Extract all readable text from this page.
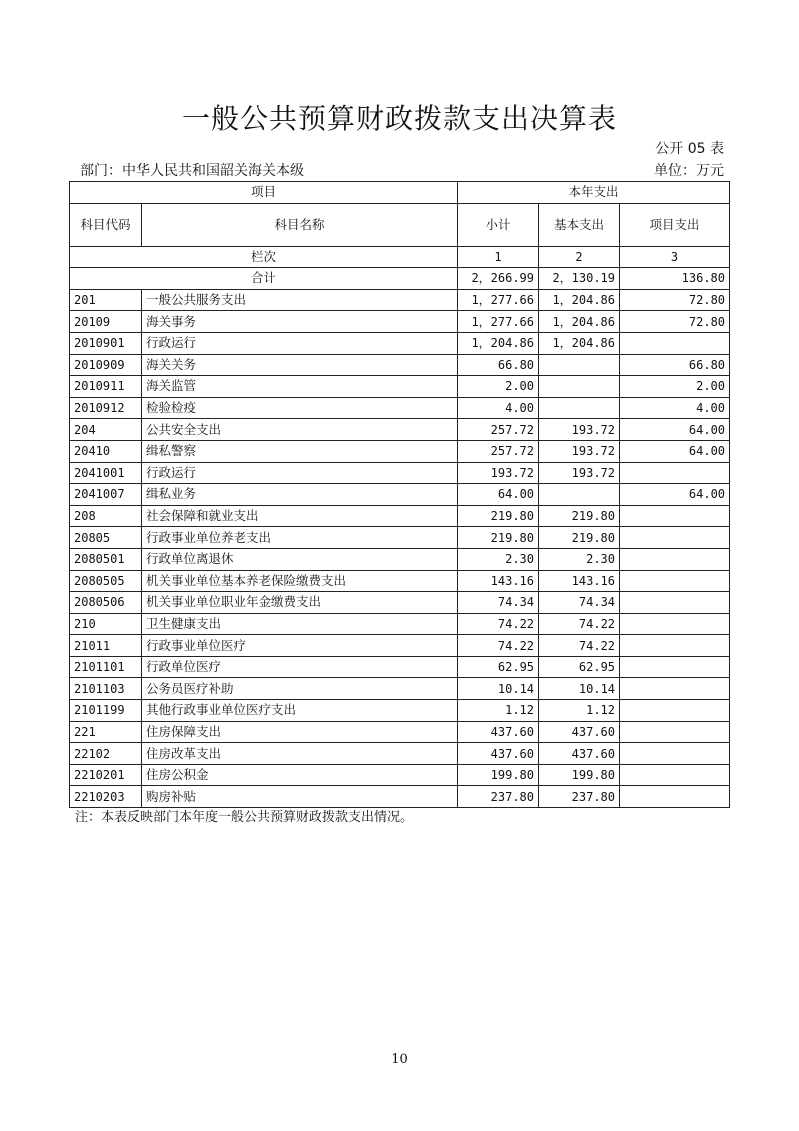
一般公共预算财政拨款支出决算表
公开 05 表
部门：中华人民共和国韶关海关本级	单位：万元
项目		本年支出		
科目代码	科目名称	小计	基本支出	项目支出
栏次		1	2	3
合计		2，266.99	2，130.19	136.80
201	一般公共服务支出	1，277.66	1，204.86	72.80
20109	海关事务	1，277.66	1，204.86	72.80
2010901	行政运行	1，204.86	1，204.86	
2010909	海关关务	66.80		66.80
2010911	海关监管	2.00		2.00
2010912	检验检疫	4.00		4.00
204	公共安全支出	257.72	193.72	64.00
20410	缉私警察	257.72	193.72	64.00
2041001	行政运行	193.72	193.72	
2041007	缉私业务	64.00		64.00
208	社会保障和就业支出	219.80	219.80	
20805	行政事业单位养老支出	219.80	219.80	
2080501	行政单位离退休	2.30	2.30	
2080505	机关事业单位基本养老保险缴费支出	143.16	143.16	
2080506	机关事业单位职业年金缴费支出	74.34	74.34	
210	卫生健康支出	74.22	74.22	
21011	行政事业单位医疗	74.22	74.22	
2101101	行政单位医疗	62.95	62.95	
2101103	公务员医疗补助	10.14	10.14	
2101199	其他行政事业单位医疗支出	1.12	1.12	
221	住房保障支出	437.60	437.60	
22102	住房改革支出	437.60	437.60	
2210201	住房公积金	199.80	199.80	
2210203	购房补贴	237.80	237.80	
注：本表反映部门本年度一般公共预算财政拨款支出情况。
10
